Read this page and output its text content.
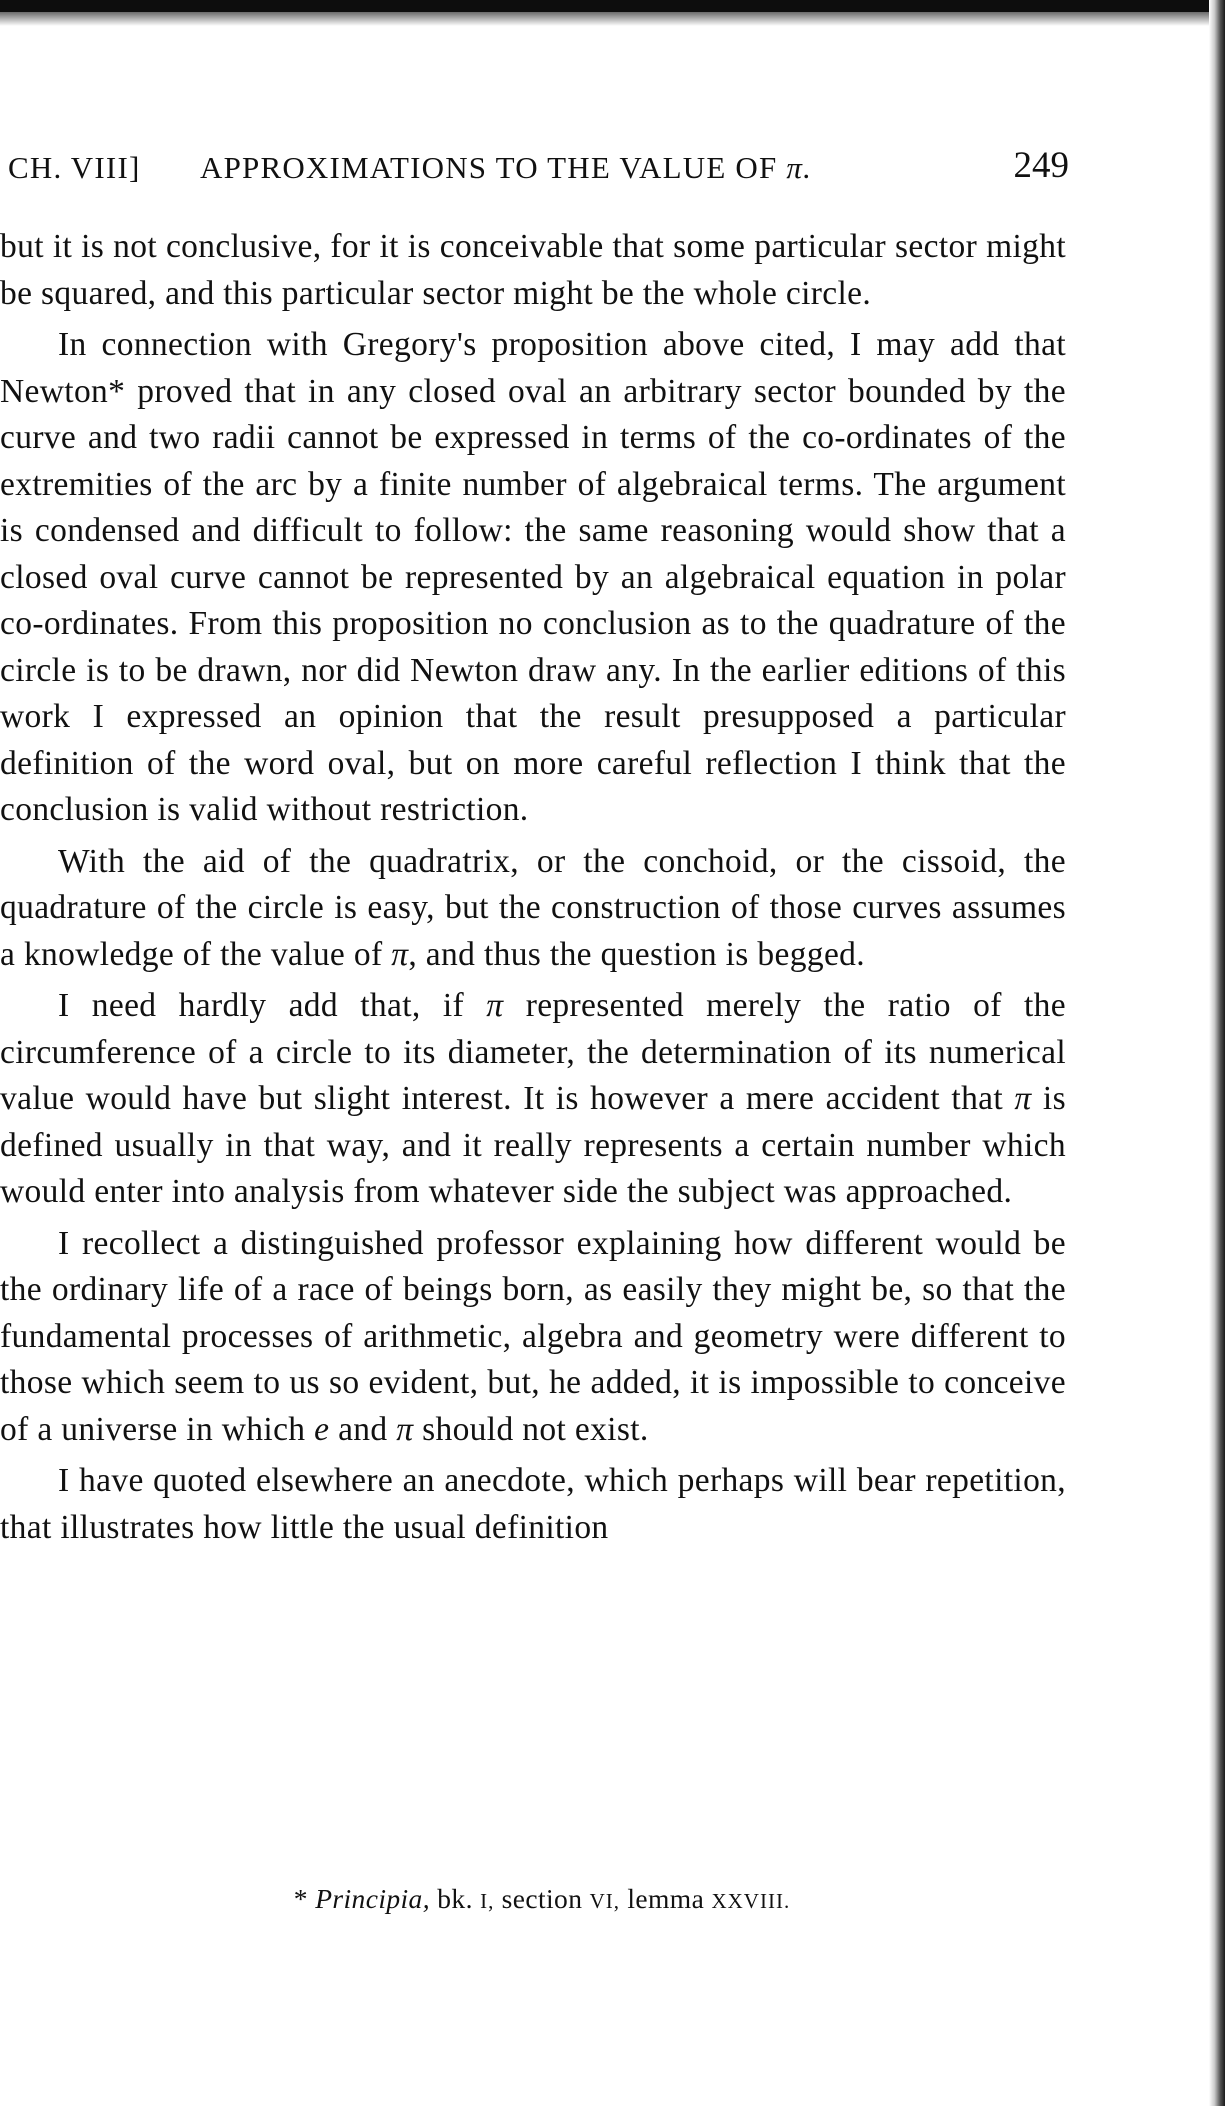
CH. VIII] APPROXIMATIONS TO THE VALUE OF π.	249

but it is not conclusive, for it is conceivable that some particular sector might be squared, and this particular sector might be the whole circle.

In connection with Gregory's proposition above cited, I may add that Newton* proved that in any closed oval an arbitrary sector bounded by the curve and two radii cannot be expressed in terms of the co-ordinates of the extremities of the arc by a finite number of algebraical terms. The argument is condensed and difficult to follow: the same reasoning would show that a closed oval curve cannot be represented by an algebraical equation in polar co-ordinates. From this proposition no conclusion as to the quadrature of the circle is to be drawn, nor did Newton draw any. In the earlier editions of this work I expressed an opinion that the result presupposed a particular definition of the word oval, but on more careful reflection I think that the conclusion is valid without restriction.

With the aid of the quadratrix, or the conchoid, or the cissoid, the quadrature of the circle is easy, but the construction of those curves assumes a knowledge of the value of π, and thus the question is begged.

I need hardly add that, if π represented merely the ratio of the circumference of a circle to its diameter, the determination of its numerical value would have but slight interest. It is however a mere accident that π is defined usually in that way, and it really represents a certain number which would enter into analysis from whatever side the subject was approached.

I recollect a distinguished professor explaining how different would be the ordinary life of a race of beings born, as easily they might be, so that the fundamental processes of arithmetic, algebra and geometry were different to those which seem to us so evident, but, he added, it is impossible to conceive of a universe in which e and π should not exist.

I have quoted elsewhere an anecdote, which perhaps will bear repetition, that illustrates how little the usual definition

* Principia, bk. I, section VI, lemma XXVIII.
